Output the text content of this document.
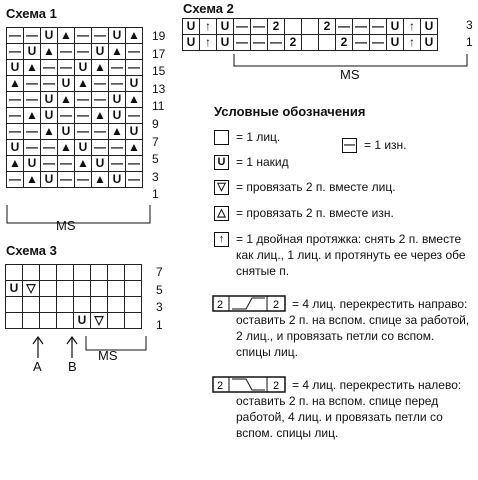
Схема 1
—	—	U	▲	—	—	U	▲
—	U	▲	—	—	U	▲	—
U	▲	—	—	U	▲	—	—
▲	—	—	U	▲	—	—	U
—	—	U	▲	—	—	U	▲
—	▲	U	—	—	▲	U	—
—	—	▲	U	—	—	▲	U
U	—	—	▲	U	—	—	▲
▲	U	—	—	▲	U	—	—
—	▲	U	—	—	▲	U	—
19
17
15
13
11
9
7
5
3
1
MS
Схема 2
U	↑	U	—	—	2			2	—	—	—	U	↑	U
U	↑	U	—	—	—	2			2	—	—	U	↑	U
3
1
MS
Схема 3

U	▽						

				U	▽		
7
5
3
1
A B
MS
Условные обозначения
= 1 лиц.
— = 1 изн.
U = 1 накид
▽ = провязать 2 п. вместе лиц.
△ = провязать 2 п. вместе изн.
↑ = 1 двойная протяжка: снять 2 п. вместе как лиц., 1 лиц. и протянуть ее через обе снятые п.
2	2	= 4 лиц. перекрестить направо: оставить 2 п. на вспом. спице за работой, 2 лиц., и провязать петли со вспом. спицы лиц.
2	2	= 4 лиц. перекрестить налево: оставить 2 п. на вспом. спице перед работой, 4 лиц. и провязать петли со вспом. спицы лиц.
